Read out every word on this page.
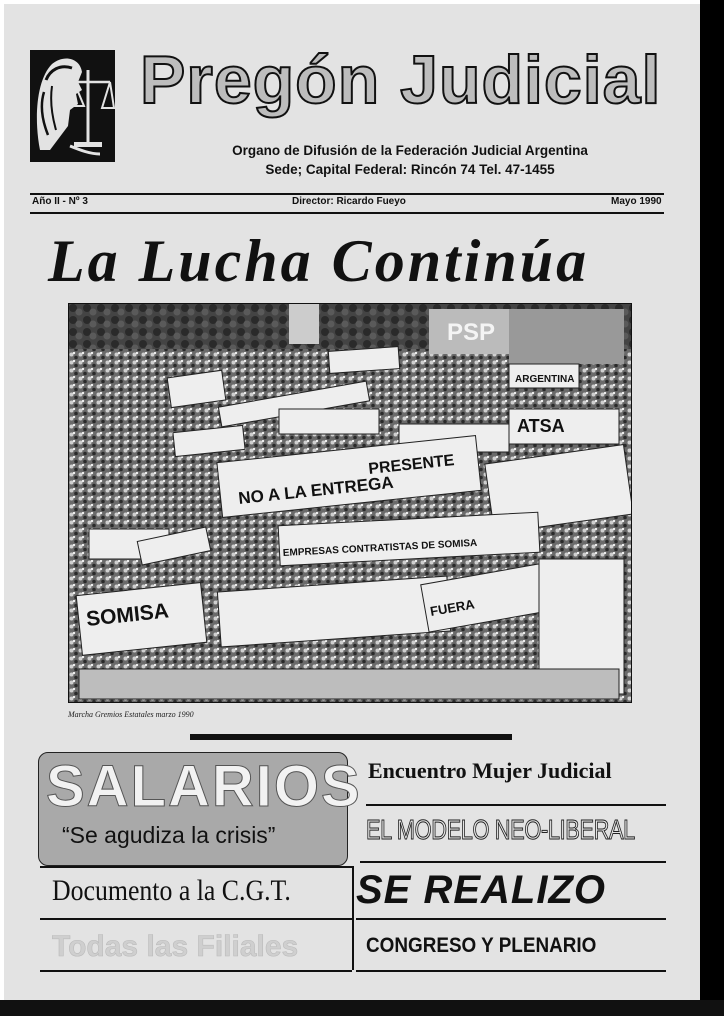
Pregón Judicial
Organo de Difusión de la Federación Judicial Argentina
Sede; Capital Federal: Rincón 74 Tel. 47-1455
Año II - Nº 3	Director: Ricardo Fueyo	Mayo 1990
La Lucha Continúa
PSP
PRESENTE
NO A LA ENTREGA
ATSA
SOMISA	FUERA
ARGENTINA
EMPRESAS CONTRATISTAS DE SOMISA
Marcha Gremios Estatales marzo 1990
SALARIOS
“Se agudiza la crisis”
Encuentro Mujer Judicial
EL MODELO NEO-LIBERAL
Documento a la C.G.T. SE REALIZO
Todas las Filiales	CONGRESO Y PLENARIO
